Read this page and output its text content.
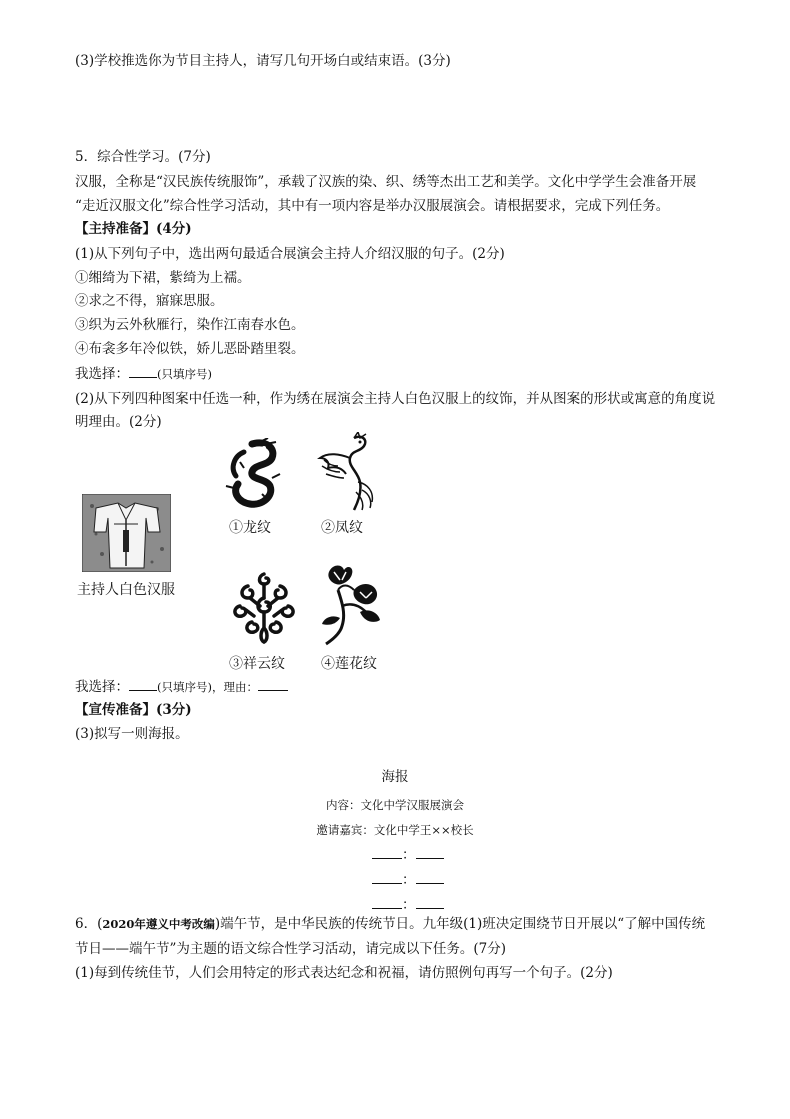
(3)学校推选你为节目主持人，请写几句开场白或结束语。(3分)
5．综合性学习。(7分)
汉服，全称是“汉民族传统服饰”，承载了汉族的染、织、绣等杰出工艺和美学。文化中学学生会准备开展
“走近汉服文化”综合性学习活动，其中有一项内容是举办汉服展演会。请根据要求，完成下列任务。
【主持准备】(4分)
(1)从下列句子中，选出两句最适合展演会主持人介绍汉服的句子。(2分)
①缃绮为下裙，紫绮为上襦。
②求之不得，寤寐思服。
③织为云外秋雁行，染作江南春水色。
④布衾多年冷似铁，娇儿恶卧踏里裂。
我选择： (只填序号)
(2)从下列四种图案中任选一种，作为绣在展演会主持人白色汉服上的纹饰，并从图案的形状或寓意的角度说
明理由。(2分)
主持人白色汉服
①龙纹	②凤纹
③祥云纹	④莲花纹
我选择： (只填序号)，理由：
【宣传准备】(3分)
(3)拟写一则海报。
海报
内容：文化中学汉服展演会
邀请嘉宾：文化中学王××校长
：
：
：
6．(2020年遵义中考改编)端午节，是中华民族的传统节日。九年级(1)班决定围绕节日开展以“了解中国传统
节日——端午节”为主题的语文综合性学习活动，请完成以下任务。(7分)
(1)每到传统佳节，人们会用特定的形式表达纪念和祝福，请仿照例句再写一个句子。(2分)
